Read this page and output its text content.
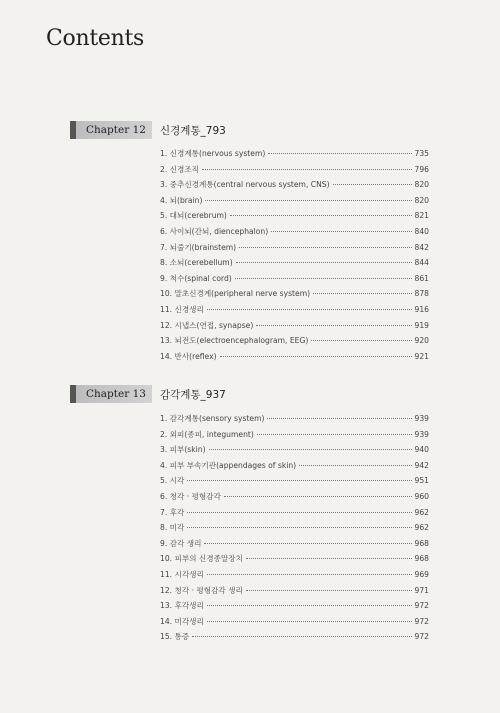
Contents
Chapter 12 신경계통_793
1. 신경계통(nervous system)	735
2. 신경조직	796
3. 중추신경계통(central nervous system, CNS)	820
4. 뇌(brain)	820
5. 대뇌(cerebrum)	821
6. 사이뇌(간뇌, diencephalon)	840
7. 뇌줄기(brainstem)	842
8. 소뇌(cerebellum)	844
9. 척수(spinal cord)	861
10. 말초신경계(peripheral nerve system)	878
11. 신경생리	916
12. 시냅스(연접, synapse)	919
13. 뇌전도(electroencephalogram, EEG)	920
14. 반사(reflex)	921
Chapter 13 감각계통_937
1. 감각계통(sensory system)	939
2. 외피(종피, integument)	939
3. 피부(skin)	940
4. 피부 부속기관(appendages of skin)	942
5. 시각	951
6. 청각 · 평형감각	960
7. 후각	962
8. 미각	962
9. 감각 생리	968
10. 피부의 신경종말장치	968
11. 시각생리	969
12. 청각 · 평형감각 생리	971
13. 후각생리	972
14. 미각생리	972
15. 통증	972
